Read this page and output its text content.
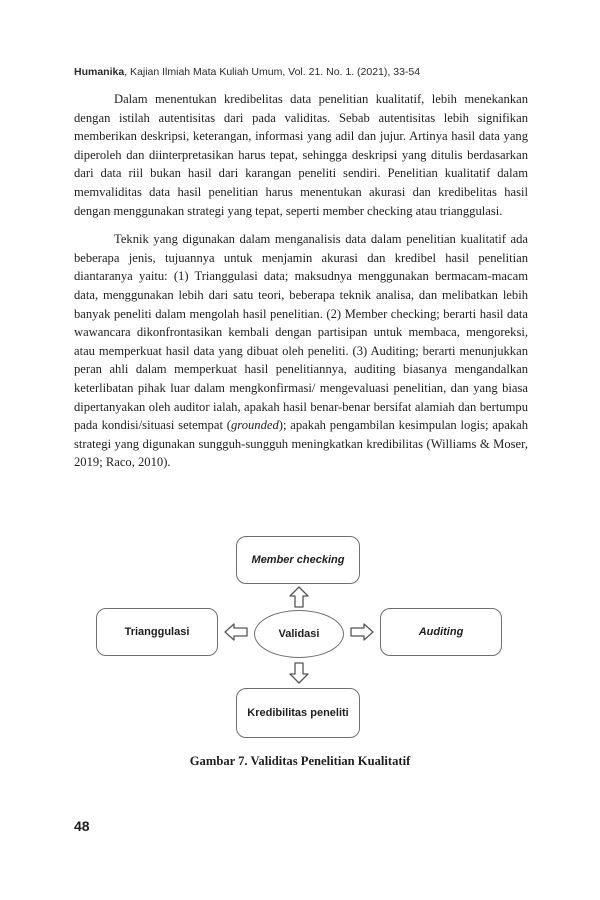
Humanika, Kajian Ilmiah Mata Kuliah Umum, Vol. 21. No. 1. (2021), 33-54

Dalam menentukan kredibelitas data penelitian kualitatif, lebih menekankan dengan istilah autentisitas dari pada validitas. Sebab autentisitas lebih signifikan memberikan deskripsi, keterangan, informasi yang adil dan jujur. Artinya hasil data yang diperoleh dan diinterpretasikan harus tepat, sehingga deskripsi yang ditulis berdasarkan dari data riil bukan hasil dari karangan peneliti sendiri. Penelitian kualitatif dalam memvaliditas data hasil penelitian harus menentukan akurasi dan kredibelitas hasil dengan menggunakan strategi yang tepat, seperti member checking atau trianggulasi.

Teknik yang digunakan dalam menganalisis data dalam penelitian kualitatif ada beberapa jenis, tujuannya untuk menjamin akurasi dan kredibel hasil penelitian diantaranya yaitu: (1) Trianggulasi data; maksudnya menggunakan bermacam-macam data, menggunakan lebih dari satu teori, beberapa teknik analisa, dan melibatkan lebih banyak peneliti dalam mengolah hasil penelitian. (2) Member checking; berarti hasil data wawancara dikonfrontasikan kembali dengan partisipan untuk membaca, mengoreksi, atau memperkuat hasil data yang dibuat oleh peneliti. (3) Auditing; berarti menunjukkan peran ahli dalam memperkuat hasil penelitiannya, auditing biasanya mengandalkan keterlibatan pihak luar dalam mengkonfirmasi/ mengevaluasi penelitian, dan yang biasa dipertanyakan oleh auditor ialah, apakah hasil benar-benar bersifat alamiah dan bertumpu pada kondisi/situasi setempat (grounded); apakah pengambilan kesimpulan logis; apakah strategi yang digunakan sungguh-sungguh meningkatkan kredibilitas (Williams & Moser, 2019; Raco, 2010).

Member checking
Trianggulasi	Validasi	Auditing
Kredibilitas peneliti
Gambar 7. Validitas Penelitian Kualitatif
48
